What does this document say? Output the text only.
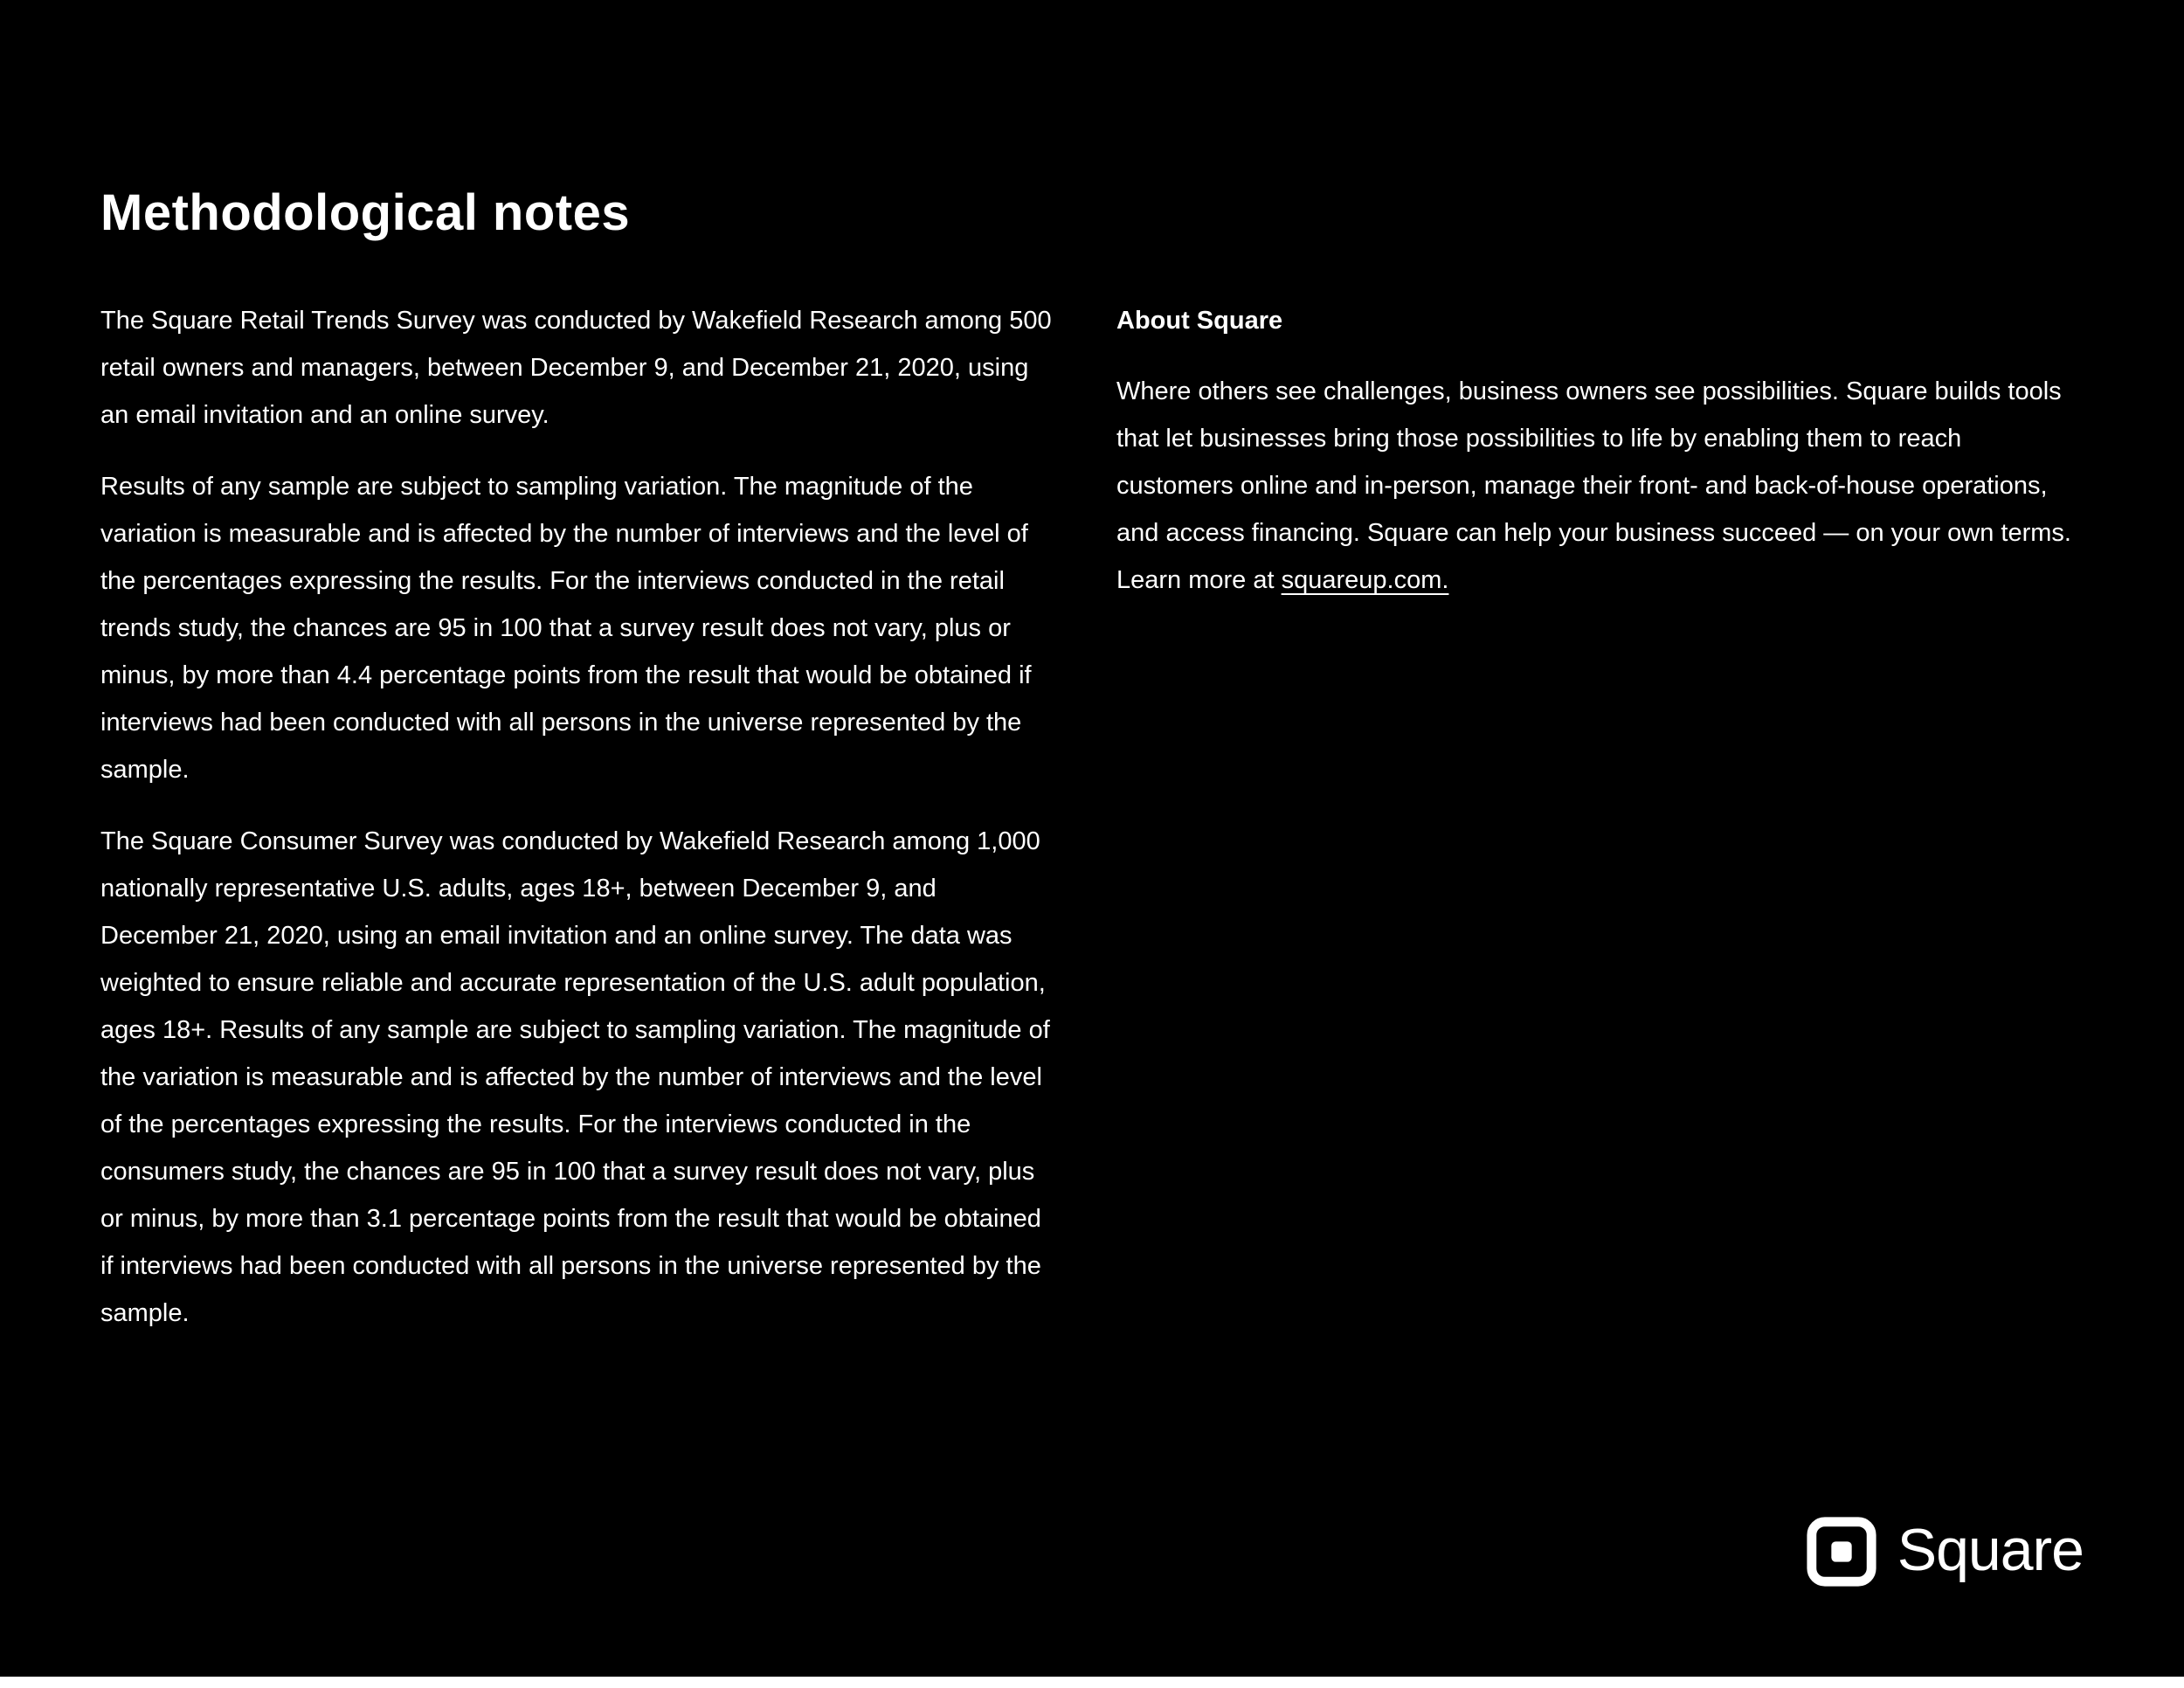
Methodological notes

The Square Retail Trends Survey was conducted by Wakefield Research among 500 retail owners and managers, between December 9, and December 21, 2020, using an email invitation and an online survey.

Results of any sample are subject to sampling variation. The magnitude of the variation is measurable and is affected by the number of interviews and the level of the percentages expressing the results. For the interviews conducted in the retail trends study, the chances are 95 in 100 that a survey result does not vary, plus or minus, by more than 4.4 percentage points from the result that would be obtained if interviews had been conducted with all persons in the universe represented by the sample.

The Square Consumer Survey was conducted by Wakefield Research among 1,000 nationally representative U.S. adults, ages 18+, between December 9, and December 21, 2020, using an email invitation and an online survey. The data was weighted to ensure reliable and accurate representation of the U.S. adult population, ages 18+. Results of any sample are subject to sampling variation. The magnitude of the variation is measurable and is affected by the number of interviews and the level of the percentages expressing the results. For the interviews conducted in the consumers study, the chances are 95 in 100 that a survey result does not vary, plus or minus, by more than 3.1 percentage points from the result that would be obtained if interviews had been conducted with all persons in the universe represented by the sample.

About Square

Where others see challenges, business owners see possibilities. Square builds tools that let businesses bring those possibilities to life by enabling them to reach customers online and in-person, manage their front- and back-of-house operations, and access financing. Square can help your business succeed — on your own terms. Learn more at squareup.com.

Square
